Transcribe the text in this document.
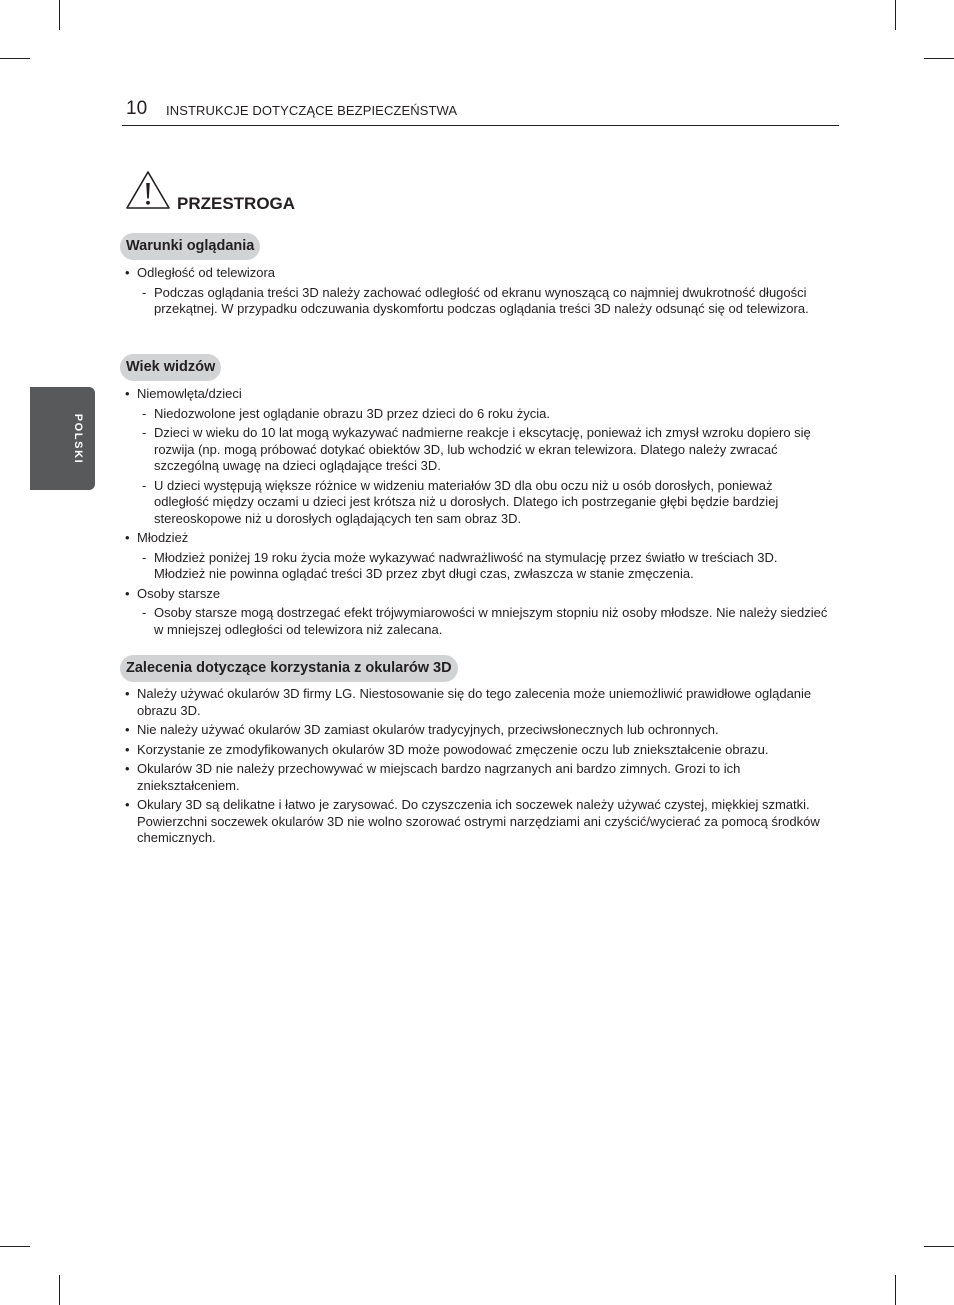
10 INSTRUKCJE DOTYCZĄCE BEZPIECZEŃSTWA
POLSKI
PRZESTROGA
Warunki oglądania
• Odległość od telewizora
- Podczas oglądania treści 3D należy zachować odległość od ekranu wynoszącą co najmniej dwukrotność długości przekątnej. W przypadku odczuwania dyskomfortu podczas oglądania treści 3D należy odsunąć się od telewizora.
Wiek widzów
• Niemowlęta/dzieci
- Niedozwolone jest oglądanie obrazu 3D przez dzieci do 6 roku życia.
- Dzieci w wieku do 10 lat mogą wykazywać nadmierne reakcje i ekscytację, ponieważ ich zmysł wzroku dopiero się rozwija (np. mogą próbować dotykać obiektów 3D, lub wchodzić w ekran telewizora. Dlatego należy zwracać szczególną uwagę na dzieci oglądające treści 3D.
- U dzieci występują większe różnice w widzeniu materiałów 3D dla obu oczu niż u osób dorosłych, ponieważ odległość między oczami u dzieci jest krótsza niż u dorosłych. Dlatego ich postrzeganie głębi będzie bardziej stereoskopowe niż u dorosłych oglądających ten sam obraz 3D.
• Młodzież
- Młodzież poniżej 19 roku życia może wykazywać nadwrażliwość na stymulację przez światło w treściach 3D. Młodzież nie powinna oglądać treści 3D przez zbyt długi czas, zwłaszcza w stanie zmęczenia.
• Osoby starsze
- Osoby starsze mogą dostrzegać efekt trójwymiarowości w mniejszym stopniu niż osoby młodsze. Nie należy siedzieć w mniejszej odległości od telewizora niż zalecana.
Zalecenia dotyczące korzystania z okularów 3D
• Należy używać okularów 3D firmy LG. Niestosowanie się do tego zalecenia może uniemożliwić prawidłowe oglądanie obrazu 3D.
• Nie należy używać okularów 3D zamiast okularów tradycyjnych, przeciwsłonecznych lub ochronnych.
• Korzystanie ze zmodyfikowanych okularów 3D może powodować zmęczenie oczu lub zniekształcenie obrazu.
• Okularów 3D nie należy przechowywać w miejscach bardzo nagrzanych ani bardzo zimnych. Grozi to ich zniekształceniem.
• Okulary 3D są delikatne i łatwo je zarysować. Do czyszczenia ich soczewek należy używać czystej, miękkiej szmatki. Powierzchni soczewek okularów 3D nie wolno szorować ostrymi narzędziami ani czyścić/wycierać za pomocą środków chemicznych.
